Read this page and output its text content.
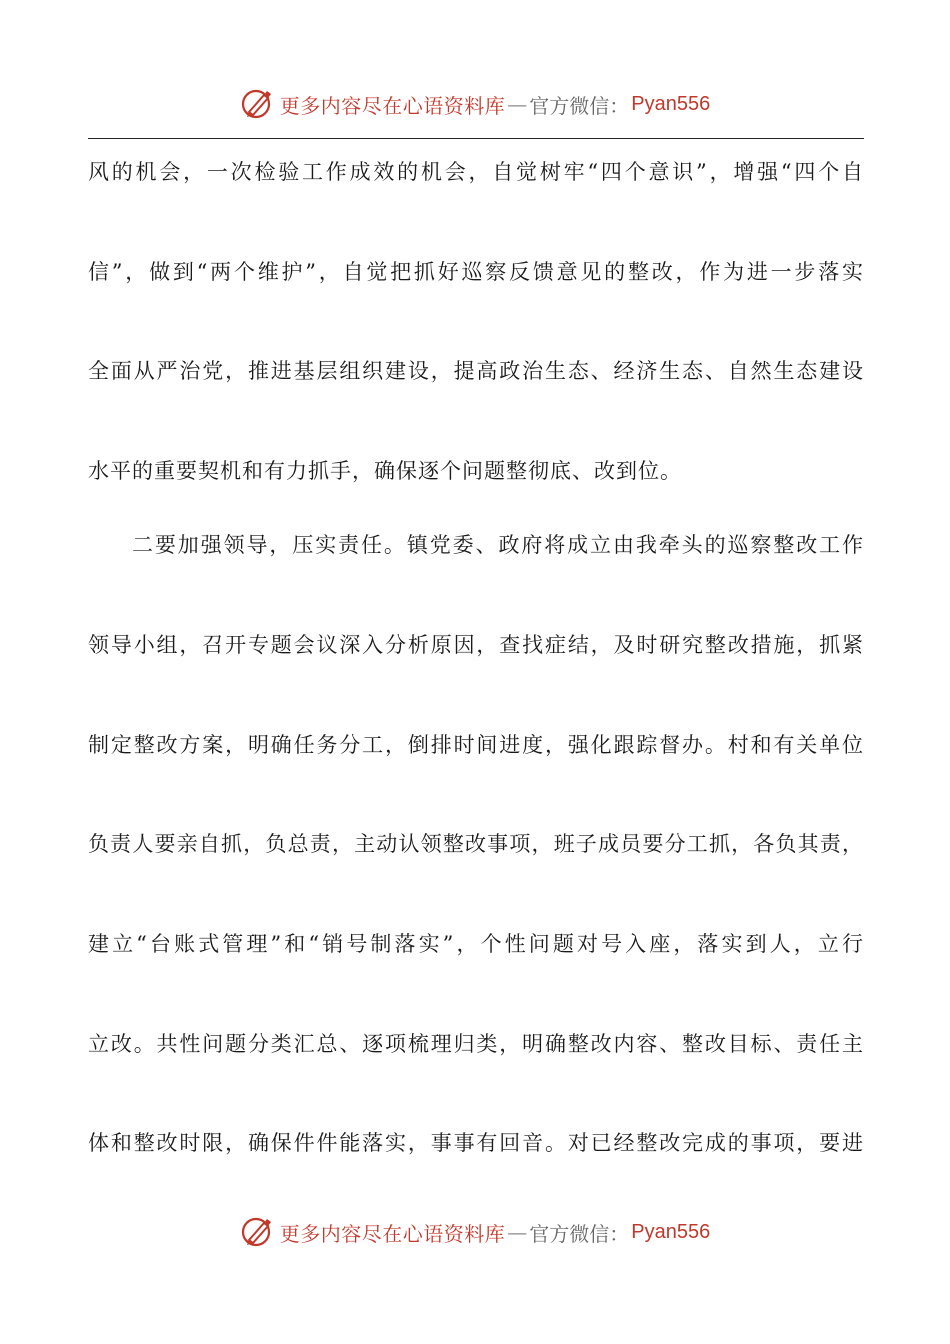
更多内容尽在心语资料库 — 官方微信： Pyan556
风的机会，一次检验工作成效的机会，自觉树牢“四个意识”，增强“四个自
信”，做到“两个维护”，自觉把抓好巡察反馈意见的整改，作为进一步落实
全面从严治党，推进基层组织建设，提高政治生态、经济生态、自然生态建设
水平的重要契机和有力抓手，确保逐个问题整彻底、改到位。
二要加强领导，压实责任。镇党委、政府将成立由我牵头的巡察整改工作
领导小组，召开专题会议深入分析原因，查找症结，及时研究整改措施，抓紧
制定整改方案，明确任务分工，倒排时间进度，强化跟踪督办。村和有关单位
负责人要亲自抓，负总责，主动认领整改事项，班子成员要分工抓，各负其责，
建立“台账式管理”和“销号制落实”，个性问题对号入座，落实到人，立行
立改。共性问题分类汇总、逐项梳理归类，明确整改内容、整改目标、责任主
体和整改时限，确保件件能落实，事事有回音。对已经整改完成的事项，要进
更多内容尽在心语资料库 — 官方微信： Pyan556
